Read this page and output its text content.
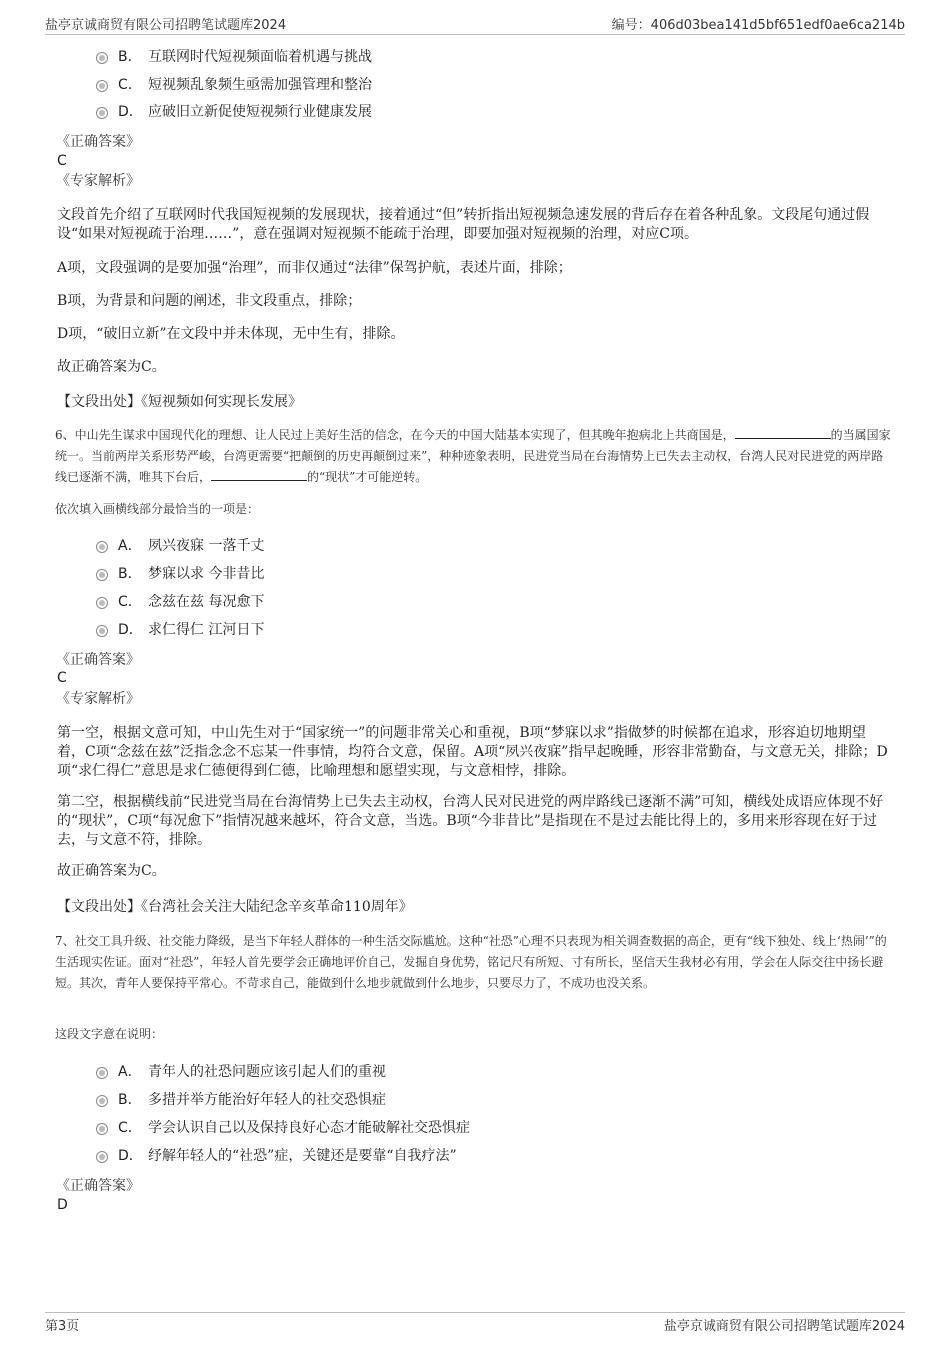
盐亭京诚商贸有限公司招聘笔试题库2024	编号：406d03bea141d5bf651edf0ae6ca214b
B． 互联网时代短视频面临着机遇与挑战
C． 短视频乱象频生亟需加强管理和整治
D． 应破旧立新促使短视频行业健康发展
《正确答案》
C
《专家解析》
文段首先介绍了互联网时代我国短视频的发展现状，接着通过“但”转折指出短视频急速发展的背后存在着各种乱象。文段尾句通过假设“如果对短视疏于治理……”，意在强调对短视频不能疏于治理，即要加强对短视频的治理，对应C项。
A项，文段强调的是要加强“治理”，而非仅通过“法律”保驾护航，表述片面，排除；
B项，为背景和问题的阐述，非文段重点，排除；
D项，“破旧立新”在文段中并未体现，无中生有，排除。
故正确答案为C。
【文段出处】《短视频如何实现长发展》
6、中山先生谋求中国现代化的理想、让人民过上美好生活的信念，在今天的中国大陆基本实现了，但其晚年抱病北上共商国是，	的当属国家统一。当前两岸关系形势严峻，台湾更需要“把颠倒的历史再颠倒过来”，种种迹象表明，民进党当局在台海情势上已失去主动权，台湾人民对民进党的两岸路线已逐渐不满，唯其下台后，	的“现状”才可能逆转。
依次填入画横线部分最恰当的一项是：
A． 夙兴夜寐 一落千丈
B． 梦寐以求 今非昔比
C． 念兹在兹 每况愈下
D． 求仁得仁 江河日下
《正确答案》
C
《专家解析》
第一空，根据文意可知，中山先生对于“国家统一”的问题非常关心和重视，B项“梦寐以求”指做梦的时候都在追求，形容迫切地期望着，C项“念兹在兹”泛指念念不忘某一件事情，均符合文意，保留。A项“夙兴夜寐”指早起晚睡，形容非常勤奋，与文意无关，排除；D项“求仁得仁”意思是求仁德便得到仁德，比喻理想和愿望实现，与文意相悖，排除。
第二空，根据横线前“民进党当局在台海情势上已失去主动权，台湾人民对民进党的两岸路线已逐渐不满”可知，横线处成语应体现不好的“现状”，C项“每况愈下”指情况越来越坏，符合文意，当选。B项“今非昔比”是指现在不是过去能比得上的，多用来形容现在好于过去，与文意不符，排除。
故正确答案为C。
【文段出处】《台湾社会关注大陆纪念辛亥革命110周年》
7、社交工具升级、社交能力降级，是当下年轻人群体的一种生活交际尴尬。这种“社恐”心理不只表现为相关调查数据的高企，更有“线下独处、线上‘热闹’”的生活现实佐证。面对“社恐”，年轻人首先要学会正确地评价自己，发掘自身优势，铭记尺有所短、寸有所长，坚信天生我材必有用，学会在人际交往中扬长避短。其次，青年人要保持平常心。不苛求自己，能做到什么地步就做到什么地步，只要尽力了，不成功也没关系。
这段文字意在说明：
A． 青年人的社恐问题应该引起人们的重视
B． 多措并举方能治好年轻人的社交恐惧症
C． 学会认识自己以及保持良好心态才能破解社交恐惧症
D． 纾解年轻人的“社恐”症，关键还是要靠“自我疗法”
《正确答案》
D
第3页	盐亭京诚商贸有限公司招聘笔试题库2024
